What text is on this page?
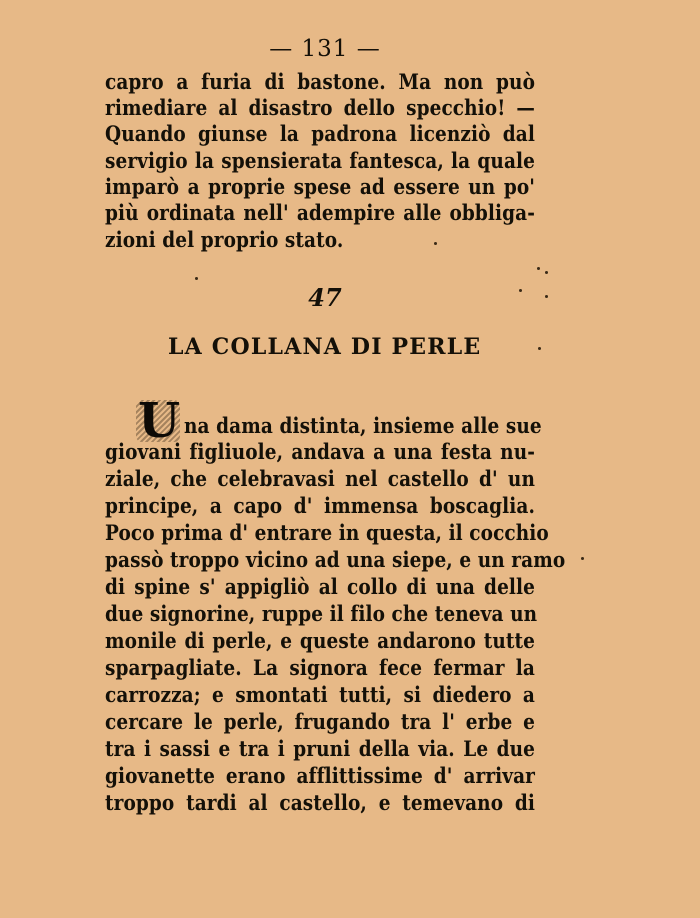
— 131 —
capro a furia di bastone. Ma non può
rimediare al disastro dello specchio! —
Quando giunse la padrona licenziò dal
servigio la spensierata fantesca, la quale
imparò a proprie spese ad essere un po'
più ordinata nell' adempire alle obbliga-
zioni del proprio stato.
47
LA COLLANA DI PERLE
U na dama distinta, insieme alle sue
giovani figliuole, andava a una festa nu-
ziale, che celebravasi nel castello d' un
principe, a capo d' immensa boscaglia.
Poco prima d' entrare in questa, il cocchio
passò troppo vicino ad una siepe, e un ramo
di spine s' appigliò al collo di una delle
due signorine, ruppe il filo che teneva un
monile di perle, e queste andarono tutte
sparpagliate. La signora fece fermar la
carrozza; e smontati tutti, si diedero a
cercare le perle, frugando tra l' erbe e
tra i sassi e tra i pruni della via. Le due
giovanette erano afflittissime d' arrivar
troppo tardi al castello, e temevano di
